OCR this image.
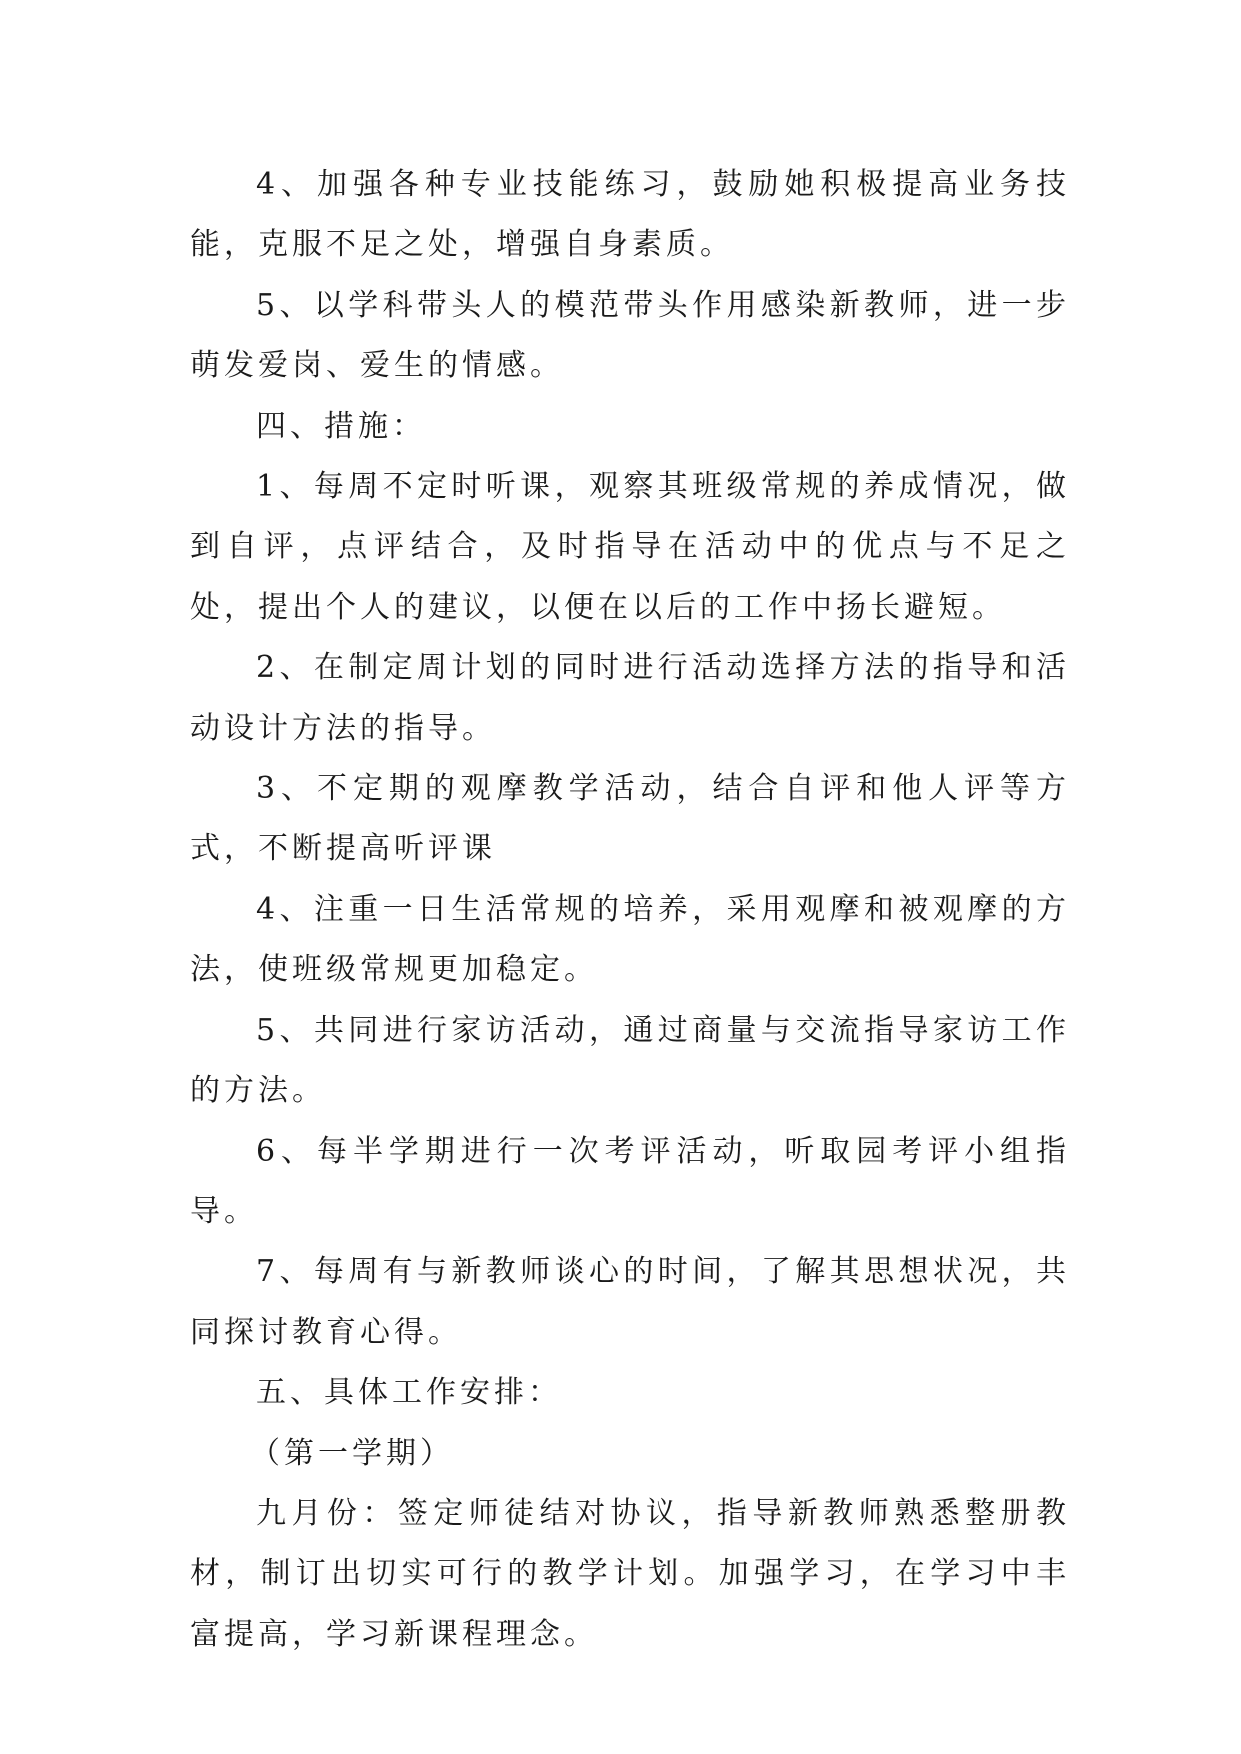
4、加强各种专业技能练习，鼓励她积极提高业务技能，克服不足之处，增强自身素质。

5、以学科带头人的模范带头作用感染新教师，进一步萌发爱岗、爱生的情感。

四、措施：

1、每周不定时听课，观察其班级常规的养成情况，做到自评，点评结合，及时指导在活动中的优点与不足之处，提出个人的建议，以便在以后的工作中扬长避短。

2、在制定周计划的同时进行活动选择方法的指导和活动设计方法的指导。

3、不定期的观摩教学活动，结合自评和他人评等方式，不断提高听评课

4、注重一日生活常规的培养，采用观摩和被观摩的方法，使班级常规更加稳定。

5、共同进行家访活动，通过商量与交流指导家访工作的方法。

6、每半学期进行一次考评活动，听取园考评小组指导。

7、每周有与新教师谈心的时间，了解其思想状况，共同探讨教育心得。

五、具体工作安排：

（第一学期）

九月份：签定师徒结对协议，指导新教师熟悉整册教材，制订出切实可行的教学计划。加强学习，在学习中丰富提高，学习新课程理念。
